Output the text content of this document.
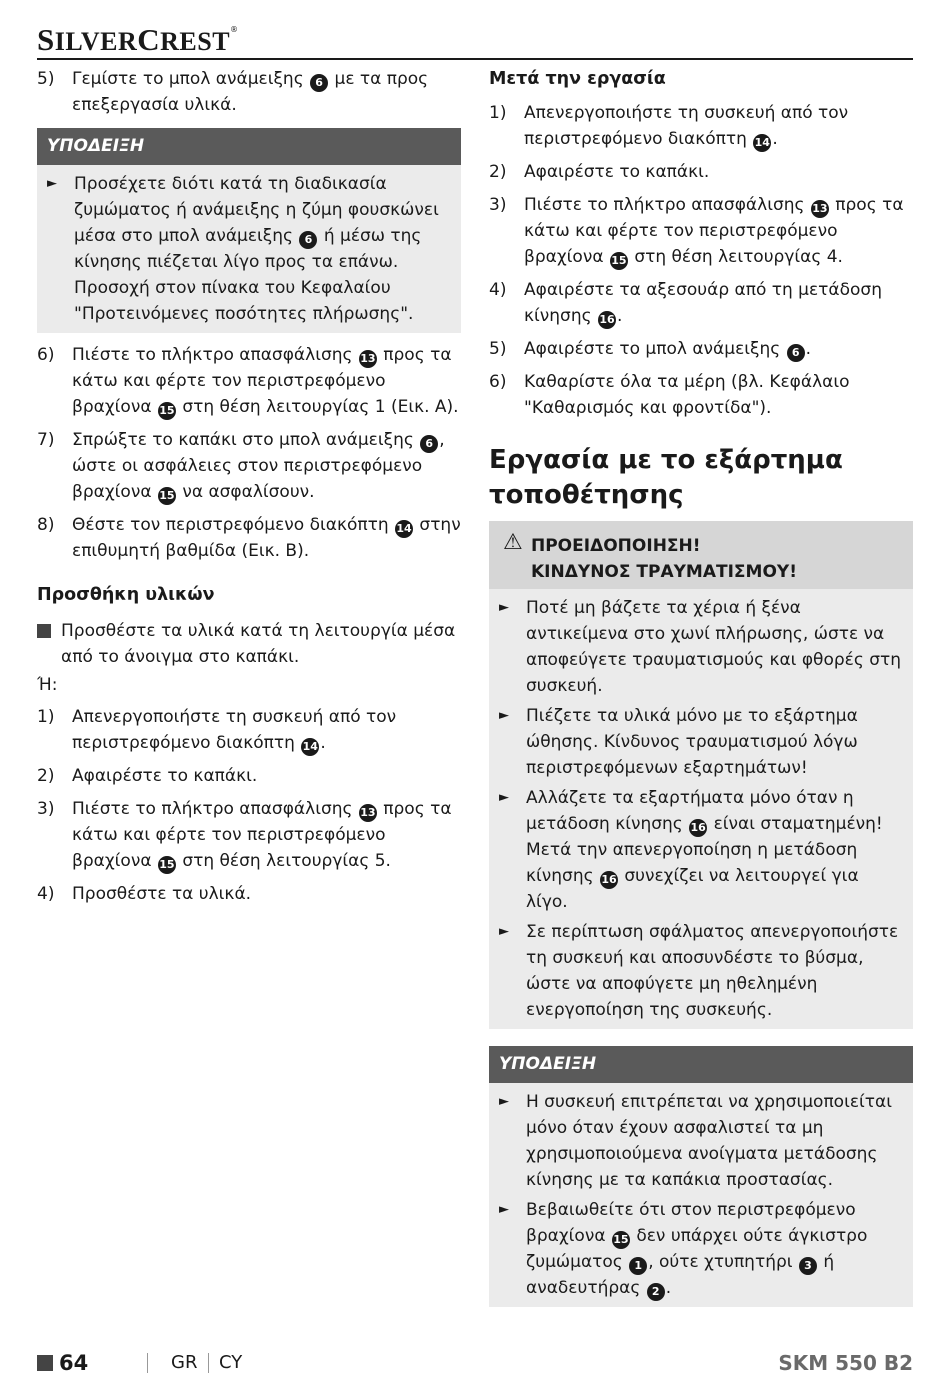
SILVERCREST®
5) Γεμίστε το μπολ ανάμειξης 6 με τα προς επεξεργασία υλικά.
ΥΠΟΔΕΙΞΗ
► Προσέχετε διότι κατά τη διαδικασία ζυμώματος ή ανάμειξης η ζύμη φουσκώνει μέσα στο μπολ ανάμειξης 6 ή μέσω της κίνησης πιέζεται λίγο προς τα επάνω. Προσοχή στον πίνακα του Κεφαλαίου "Προτεινόμενες ποσότητες πλήρωσης".
6) Πιέστε το πλήκτρο απασφάλισης 13 προς τα κάτω και φέρτε τον περιστρεφόμενο βραχίονα 15 στη θέση λειτουργίας 1 (Εικ. A).
7) Σπρώξτε το καπάκι στο μπολ ανάμειξης 6 , ώστε οι ασφάλειες στον περιστρεφόμενο βραχίονα 15 να ασφαλίσουν.
8) Θέστε τον περιστρεφόμενο διακόπτη 14 στην επιθυμητή βαθμίδα (Εικ. B).
Προσθήκη υλικών
Προσθέστε τα υλικά κατά τη λειτουργία μέσα από το άνοιγμα στο καπάκι.
Ή:
1) Απενεργοποιήστε τη συσκευή από τον περιστρεφόμενο διακόπτη 14 .
2) Αφαιρέστε το καπάκι.
3) Πιέστε το πλήκτρο απασφάλισης 13 προς τα κάτω και φέρτε τον περιστρεφόμενο βραχίονα 15 στη θέση λειτουργίας 5.
4) Προσθέστε τα υλικά.
Μετά την εργασία
1) Απενεργοποιήστε τη συσκευή από τον περιστρεφόμενο διακόπτη 14 .
2) Αφαιρέστε το καπάκι.
3) Πιέστε το πλήκτρο απασφάλισης 13 προς τα κάτω και φέρτε τον περιστρεφόμενο βραχίονα 15 στη θέση λειτουργίας 4.
4) Αφαιρέστε τα αξεσουάρ από τη μετάδοση κίνησης 16 .
5) Αφαιρέστε το μπολ ανάμειξης 6 .
6) Καθαρίστε όλα τα μέρη (βλ. Κεφάλαιο "Καθαρισμός και φροντίδα").
Εργασία με το εξάρτημα τοποθέτησης
⚠ ΠΡΟΕΙΔΟΠΟΙΗΣΗ!
ΚΙΝΔΥΝΟΣ ΤΡΑΥΜΑΤΙΣΜΟΥ!
► Ποτέ μη βάζετε τα χέρια ή ξένα αντικείμενα στο χωνί πλήρωσης, ώστε να αποφεύγετε τραυματισμούς και φθορές στη συσκευή.
► Πιέζετε τα υλικά μόνο με το εξάρτημα ώθησης. Κίνδυνος τραυματισμού λόγω περιστρεφόμενων εξαρτημάτων!
► Αλλάζετε τα εξαρτήματα μόνο όταν η μετάδοση κίνησης 16 είναι σταματημένη! Μετά την απενεργοποίηση η μετάδοση κίνησης 16 συνεχίζει να λειτουργεί για λίγο.
► Σε περίπτωση σφάλματος απενεργοποιήστε τη συσκευή και αποσυνδέστε το βύσμα, ώστε να αποφύγετε μη ηθελημένη ενεργοποίηση της συσκευής.
ΥΠΟΔΕΙΞΗ
► Η συσκευή επιτρέπεται να χρησιμοποιείται μόνο όταν έχουν ασφαλιστεί τα μη χρησιμοποιούμενα ανοίγματα μετάδοσης κίνησης με τα καπάκια προστασίας.
► Βεβαιωθείτε ότι στον περιστρεφόμενο βραχίονα 15 δεν υπάρχει ούτε άγκιστρο ζυμώματος 1 , ούτε χτυπητήρι 3 ή αναδευτήρας 2 .
64	GR CY	SKM 550 B2
